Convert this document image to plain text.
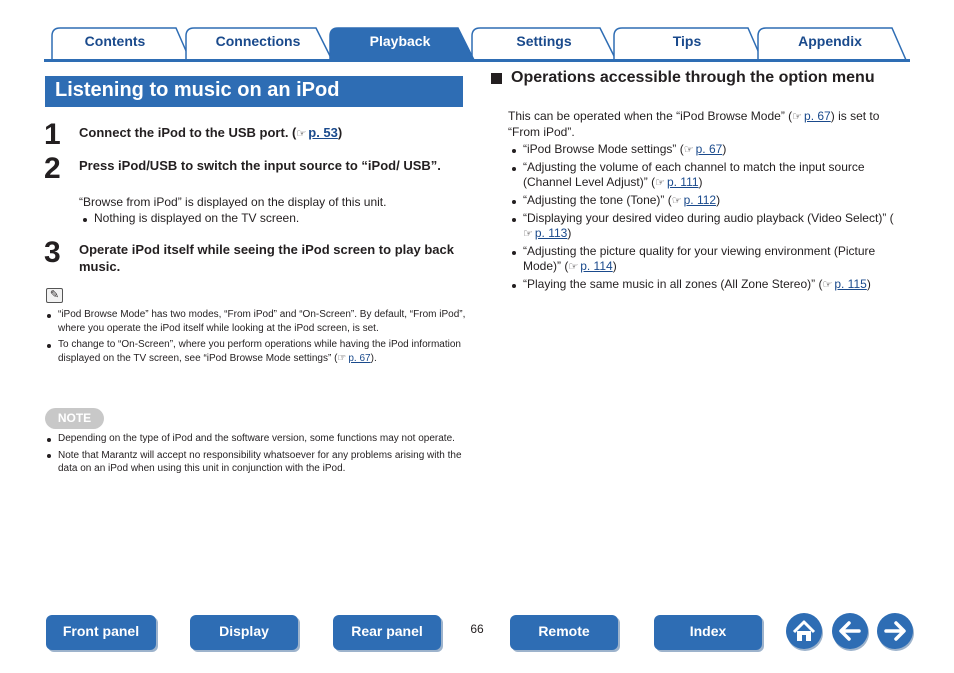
Contents	Connections	Playback	Settings	Tips	Appendix
Listening to music on an iPod
1 Connect the iPod to the USB port. (☞ p. 53)
2 Press iPod/USB to switch the input source to “iPod/ USB”.
“Browse from iPod” is displayed on the display of this unit.
Nothing is displayed on the TV screen.
3 Operate iPod itself while seeing the iPod screen to play back music.
✎
“iPod Browse Mode” has two modes, “From iPod” and “On-Screen”. By default, “From iPod”, where you operate the iPod itself while looking at the iPod screen, is set.
To change to “On-Screen”, where you perform operations while having the iPod information displayed on the TV screen, see “iPod Browse Mode settings” (☞ p. 67).
NOTE
Depending on the type of iPod and the software version, some functions may not operate.
Note that Marantz will accept no responsibility whatsoever for any problems arising with the data on an iPod when using this unit in conjunction with the iPod.
Operations accessible through the option menu
This can be operated when the “iPod Browse Mode” (☞ p. 67) is set to “From iPod”.
“iPod Browse Mode settings” (☞ p. 67)
“Adjusting the volume of each channel to match the input source (Channel Level Adjust)” (☞ p. 111)
“Adjusting the tone (Tone)” (☞ p. 112)
“Displaying your desired video during audio playback (Video Select)” (☞ p. 113)
“Adjusting the picture quality for your viewing environment (Picture Mode)” (☞ p. 114)
“Playing the same music in all zones (All Zone Stereo)” (☞ p. 115)
Front panel	Display	Rear panel	66	Remote	Index
